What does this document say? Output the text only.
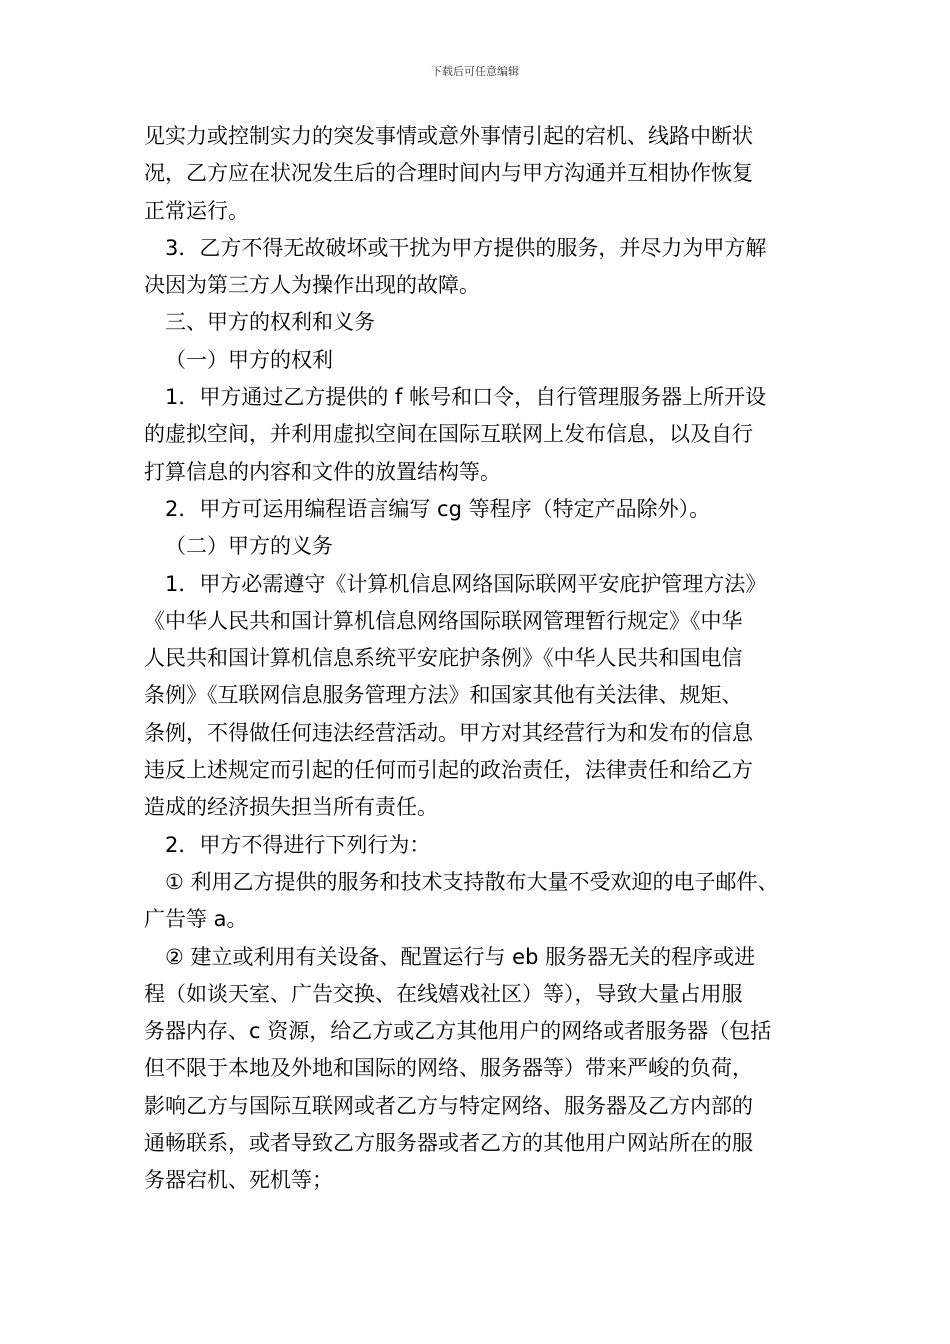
下载后可任意编辑

见实力或控制实力的突发事情或意外事情引起的宕机、线路中断状

况，乙方应在状况发生后的合理时间内与甲方沟通并互相协作恢复

正常运行。

3．乙方不得无故破坏或干扰为甲方提供的服务，并尽力为甲方解

决因为第三方人为操作出现的故障。

三、甲方的权利和义务

（一）甲方的权利

1．甲方通过乙方提供的 f 帐号和口令，自行管理服务器上所开设

的虚拟空间，并利用虚拟空间在国际互联网上发布信息，以及自行

打算信息的内容和文件的放置结构等。

2．甲方可运用编程语言编写 cg 等程序（特定产品除外）。

（二）甲方的义务

1．甲方必需遵守《计算机信息网络国际联网平安庇护管理方法》

《中华人民共和国计算机信息网络国际联网管理暂行规定》《中华

人民共和国计算机信息系统平安庇护条例》《中华人民共和国电信

条例》《互联网信息服务管理方法》和国家其他有关法律、规矩、

条例，不得做任何违法经营活动。甲方对其经营行为和发布的信息

违反上述规定而引起的任何而引起的政治责任，法律责任和给乙方

造成的经济损失担当所有责任。

2．甲方不得进行下列行为：

① 利用乙方提供的服务和技术支持散布大量不受欢迎的电子邮件、

广告等 a。

② 建立或利用有关设备、配置运行与 eb 服务器无关的程序或进

程（如谈天室、广告交换、在线嬉戏社区）等），导致大量占用服

务器内存、c 资源，给乙方或乙方其他用户的网络或者服务器（包括

但不限于本地及外地和国际的网络、服务器等）带来严峻的负荷，

影响乙方与国际互联网或者乙方与特定网络、服务器及乙方内部的

通畅联系，或者导致乙方服务器或者乙方的其他用户网站所在的服

务器宕机、死机等；
